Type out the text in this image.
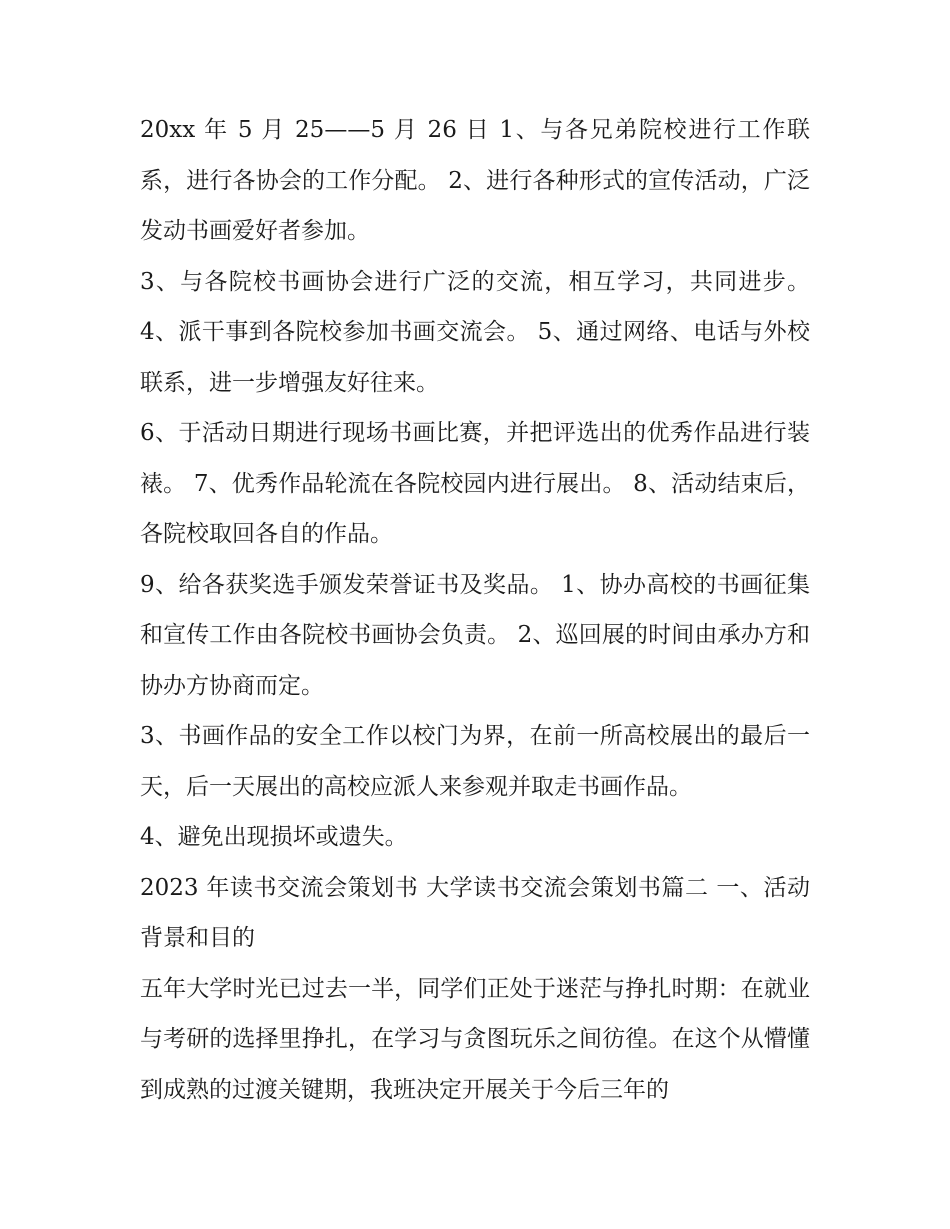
20xx 年 5 月 25——5 月 26 日 1、与各兄弟院校进行工作联系，进行各协会的工作分配。 2、进行各种形式的宣传活动，广泛发动书画爱好者参加。

3、与各院校书画协会进行广泛的交流，相互学习，共同进步。 4、派干事到各院校参加书画交流会。 5、通过网络、电话与外校联系，进一步增强友好往来。

6、于活动日期进行现场书画比赛，并把评选出的优秀作品进行装裱。 7、优秀作品轮流在各院校园内进行展出。 8、活动结束后，各院校取回各自的作品。

9、给各获奖选手颁发荣誉证书及奖品。 1、协办高校的书画征集和宣传工作由各院校书画协会负责。 2、巡回展的时间由承办方和协办方协商而定。

3、书画作品的安全工作以校门为界，在前一所高校展出的最后一天，后一天展出的高校应派人来参观并取走书画作品。

4、避免出现损坏或遗失。

2023 年读书交流会策划书 大学读书交流会策划书篇二 一、活动背景和目的

五年大学时光已过去一半，同学们正处于迷茫与挣扎时期：在就业与考研的选择里挣扎，在学习与贪图玩乐之间彷徨。在这个从懵懂到成熟的过渡关键期，我班决定开展关于今后三年的
